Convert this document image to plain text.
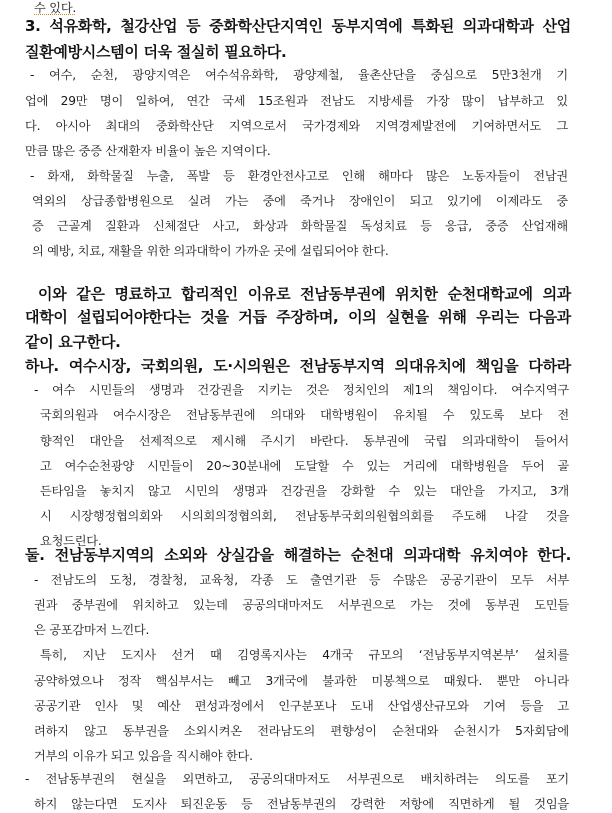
수 있다.
3. 석유화학, 철강산업 등 중화학산단지역인 동부지역에 특화된 의과대학과 산업
질환예방시스템이 더욱 절실히 필요하다.
- 여수, 순천, 광양지역은 여수석유화학, 광양제철, 율촌산단을 중심으로 5만3천개 기
업에 29만 명이 일하여, 연간 국세 15조원과 전남도 지방세를 가장 많이 납부하고 있
다. 아시아 최대의 중화학산단 지역으로서 국가경제와 지역경제발전에 기여하면서도 그
만큼 많은 중증 산재환자 비율이 높은 지역이다.
- 화재, 화학물질 누출, 폭발 등 환경안전사고로 인해 해마다 많은 노동자들이 전남권
역외의 상급종합병원으로 실려 가는 중에 죽거나 장애인이 되고 있기에 이제라도 중
증 근골계 질환과 신체절단 사고, 화상과 화학물질 독성치료 등 응급, 중증 산업재해
의 예방, 치료, 재활을 위한 의과대학이 가까운 곳에 설립되어야 한다.
이와 같은 명료하고 합리적인 이유로 전남동부권에 위치한 순천대학교에 의과
대학이 설립되어야한다는 것을 거듭 주장하며, 이의 실현을 위해 우리는 다음과
같이 요구한다.
하나. 여수시장, 국회의원, 도·시의원은 전남동부지역 의대유치에 책임을 다하라
- 여수 시민들의 생명과 건강권을 지키는 것은 정치인의 제1의 책임이다. 여수지역구
국회의원과 여수시장은 전남동부권에 의대와 대학병원이 유치될 수 있도록 보다 전
향적인 대안을 선제적으로 제시해 주시기 바란다. 동부권에 국립 의과대학이 들어서
고 여수순천광양 시민들이 20~30분내에 도달할 수 있는 거리에 대학병원을 두어 골
든타임을 놓치지 않고 시민의 생명과 건강권을 강화할 수 있는 대안을 가지고, 3개
시 시장행정협의회와 시의회의정협의회, 전남동부국회의원협의회를 주도해 나갈 것을
요청드린다.
둘. 전남동부지역의 소외와 상실감을 해결하는 순천대 의과대학 유치여야 한다.
- 전남도의 도청, 경찰청, 교육청, 각종 도 출연기관 등 수많은 공공기관이 모두 서부
권과 중부권에 위치하고 있는데 공공의대마저도 서부권으로 가는 것에 동부권 도민들
은 공포감마저 느낀다.
특히, 지난 도지사 선거 때 김영록지사는 4개국 규모의 ‘전남동부지역본부’ 설치를
공약하였으나 정작 핵심부서는 빼고 3개국에 불과한 미봉책으로 때웠다. 뿐만 아니라
공공기관 인사 및 예산 편성과정에서 인구분포나 도내 산업생산규모와 기여 등을 고
려하지 않고 동부권을 소외시켜온 전라남도의 편향성이 순천대와 순천시가 5자회담에
거부의 이유가 되고 있음을 직시해야 한다.
- 전남동부권의 현실을 외면하고, 공공의대마저도 서부권으로 배치하려는 의도를 포기
하지 않는다면 도지사 퇴진운동 등 전남동부권의 강력한 저항에 직면하게 될 것임을
